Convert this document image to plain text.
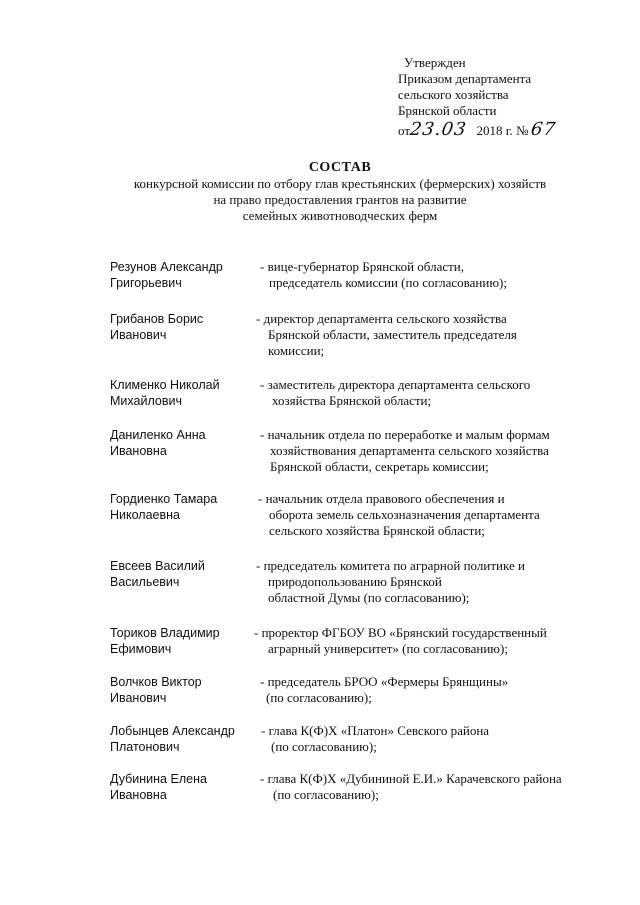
Утвержден
Приказом департамента
сельского хозяйства
Брянской области
от23.03 2018 г. №67
СОСТАВ
конкурсной комиссии по отбору глав крестьянских (фермерских) хозяйств
на право предоставления грантов на развитие
семейных животноводческих ферм
Резунов Александр
Григорьевич
- вице-губернатор Брянской области,
председатель комиссии (по согласованию);
Грибанов Борис
Иванович
- директор департамента сельского хозяйства
Брянской области, заместитель председателя
комиссии;
Клименко Николай
Михайлович
- заместитель директора департамента сельского
хозяйства Брянской области;
Даниленко Анна
Ивановна
- начальник отдела по переработке и малым формам
хозяйствования департамента сельского хозяйства
Брянской области, секретарь комиссии;
Гордиенко Тамара
Николаевна
- начальник отдела правового обеспечения и
оборота земель сельхозназначения департамента
сельского хозяйства Брянской области;
Евсеев Василий
Васильевич
- председатель комитета по аграрной политике и
природопользованию Брянской
областной Думы (по согласованию);
Ториков Владимир
Ефимович
- проректор ФГБОУ ВО «Брянский государственный
аграрный университет» (по согласованию);
Волчков Виктор
Иванович
- председатель БРОО «Фермеры Брянщины»
(по согласованию);
Лобынцев Александр
Платонович
- глава К(Ф)Х «Платон» Севского района
(по согласованию);
Дубинина Елена
Ивановна
- глава К(Ф)Х «Дубининой Е.И.» Карачевского района
(по согласованию);
